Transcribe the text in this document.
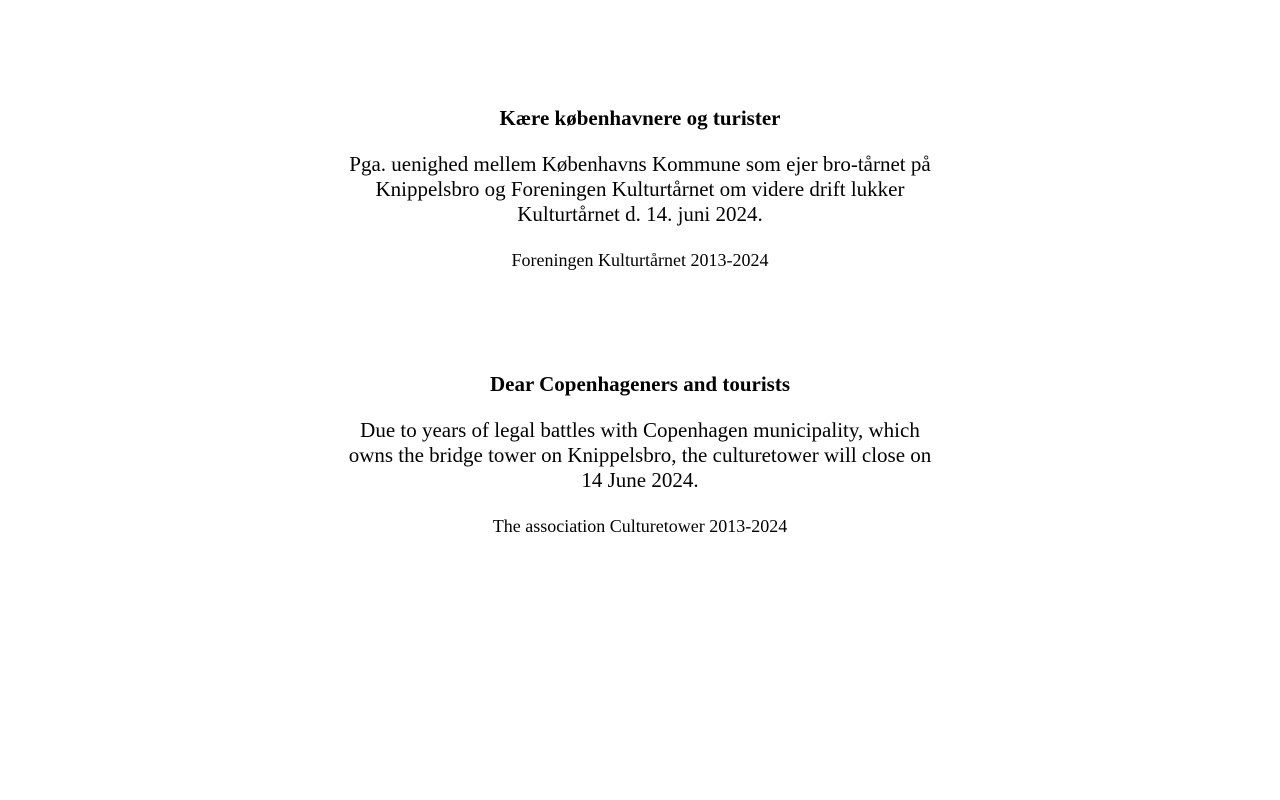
Kære københavnere og turister

Pga. uenighed mellem Københavns Kommune som ejer bro-tårnet på
Knippelsbro og Foreningen Kulturtårnet om videre drift lukker
Kulturtårnet d. 14. juni 2024.

Foreningen Kulturtårnet 2013-2024

Dear Copenhageners and tourists

Due to years of legal battles with Copenhagen municipality, which
owns the bridge tower on Knippelsbro, the culturetower will close on
14 June 2024.

The association Culturetower 2013-2024
